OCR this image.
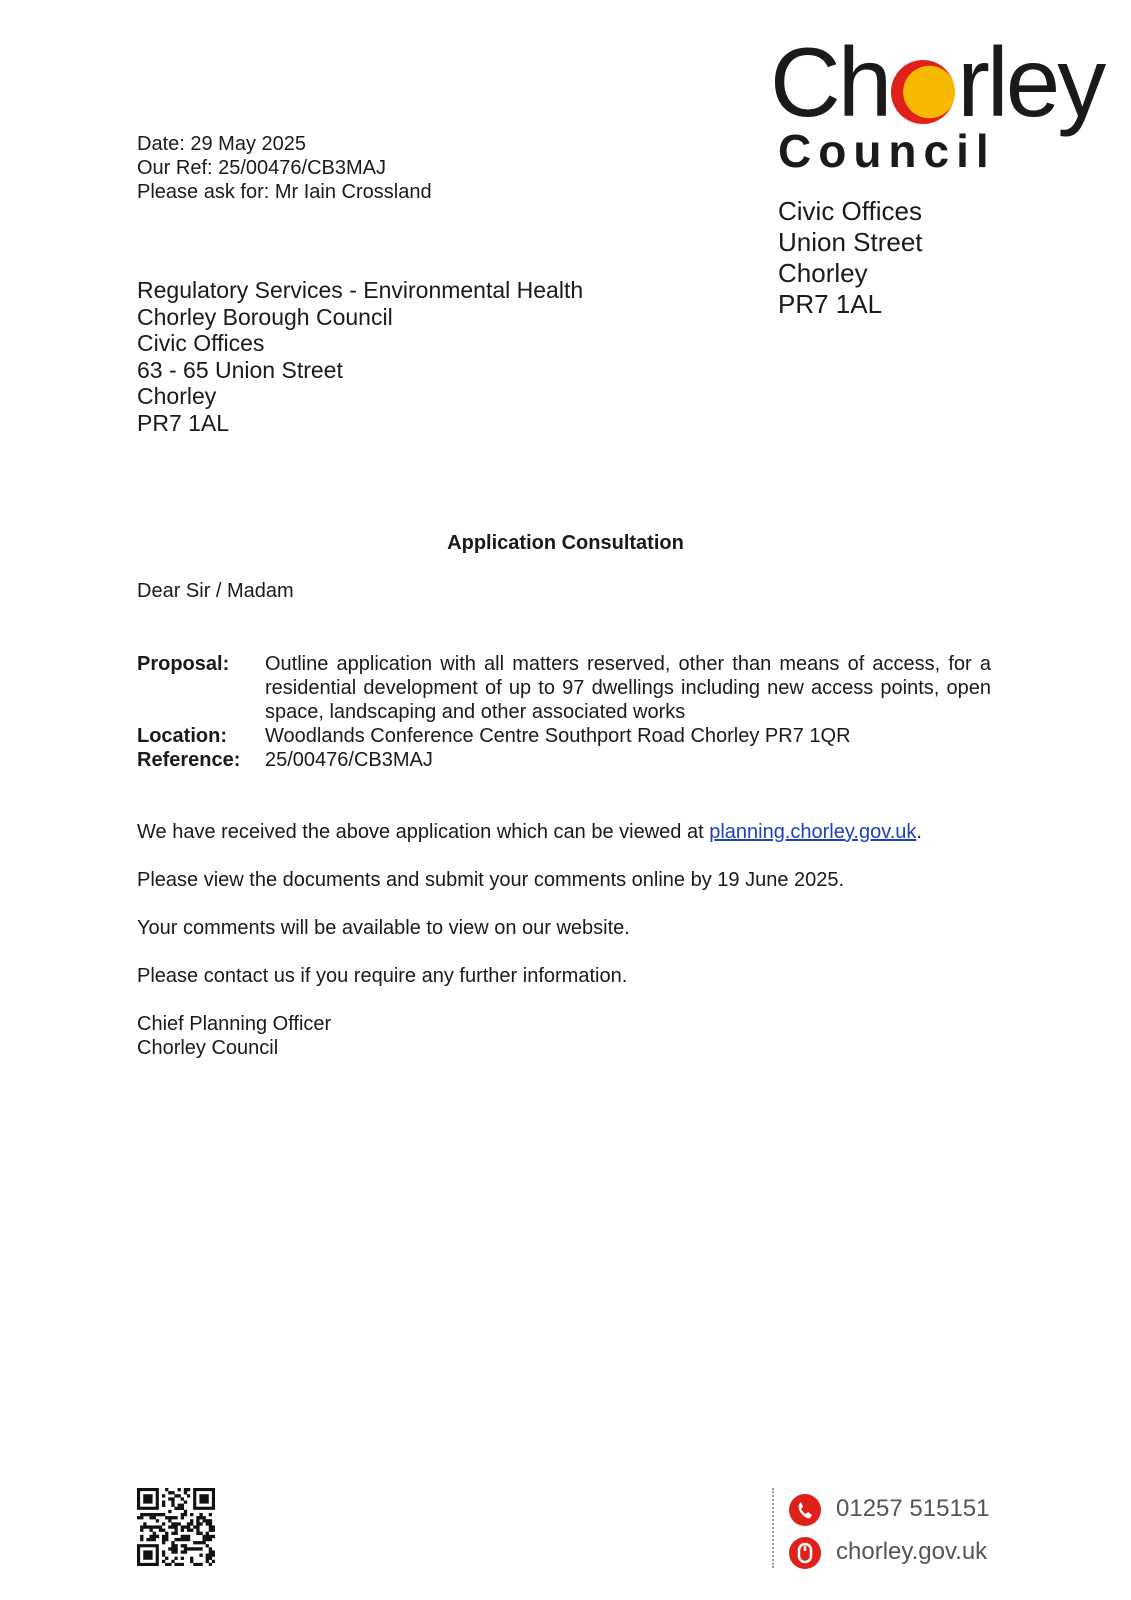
Date: 29 May 2025
Our Ref: 25/00476/CB3MAJ
Please ask for: Mr Iain Crossland
Ch rley
Council
Civic Offices
Union Street
Chorley
PR7 1AL
Regulatory Services - Environmental Health
Chorley Borough Council
Civic Offices
63 - 65 Union Street
Chorley
PR7 1AL
Application Consultation
Dear Sir / Madam
Proposal:	Outline application with all matters reserved, other than means of access, for a residential development of up to 97 dwellings including new access points, open space, landscaping and other associated works
Location:	Woodlands Conference Centre Southport Road Chorley PR7 1QR
Reference:	25/00476/CB3MAJ
We have received the above application which can be viewed at planning.chorley.gov.uk.
Please view the documents and submit your comments online by 19 June 2025.
Your comments will be available to view on our website.
Please contact us if you require any further information.
Chief Planning Officer
Chorley Council
01257 515151
chorley.gov.uk
